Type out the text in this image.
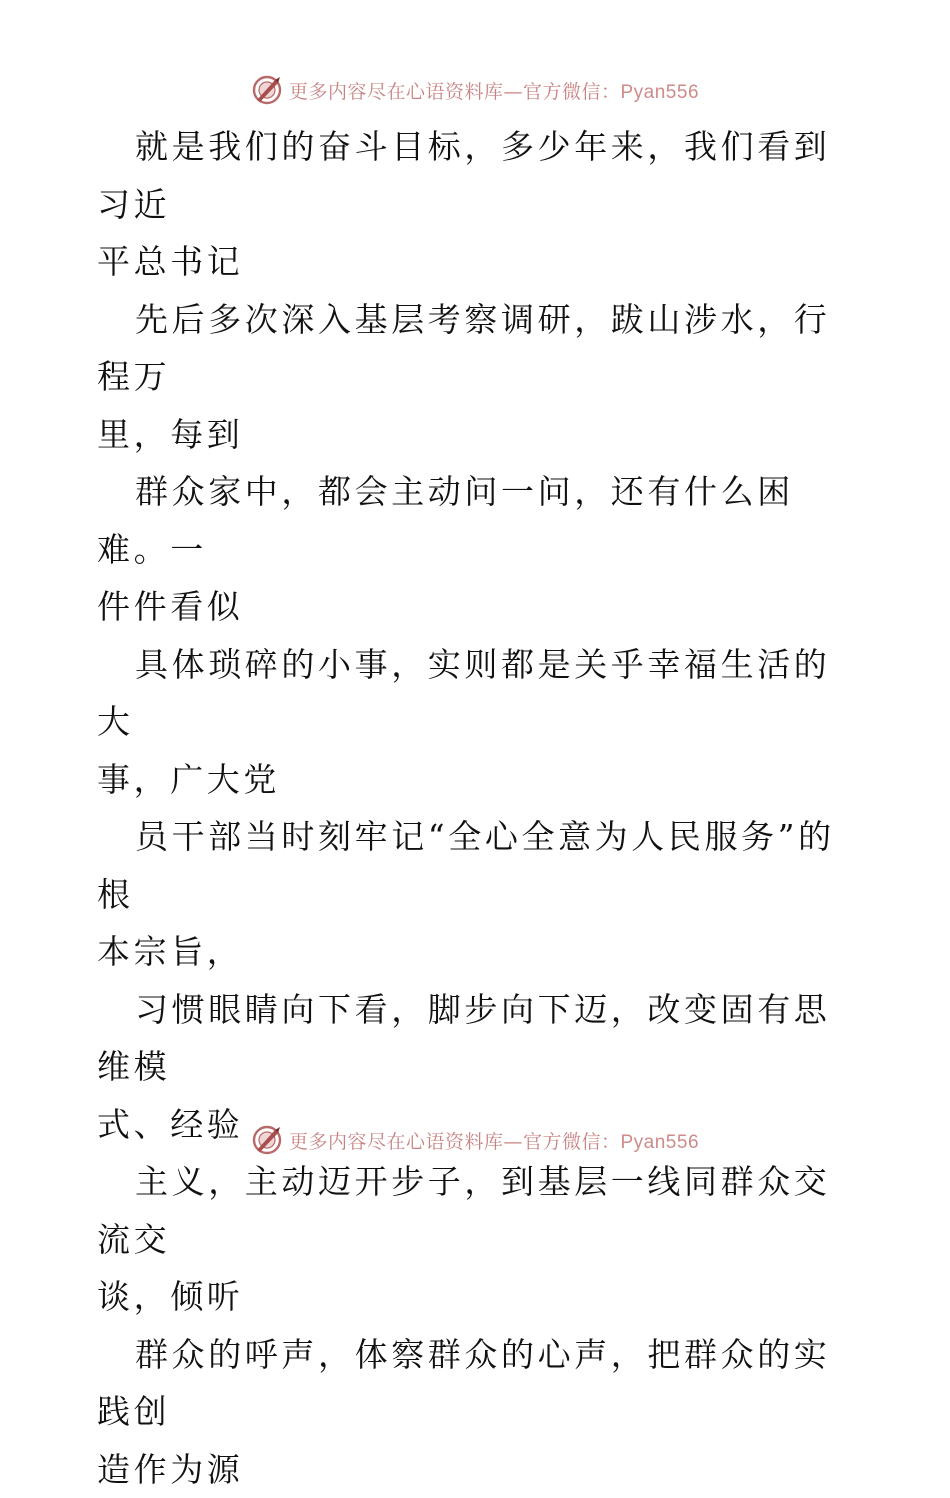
更多内容尽在心语资料库—官方微信：Pyan556

就是我们的奋斗目标，多少年来，我们看到习近
平总书记

先后多次深入基层考察调研，跋山涉水，行程万
里，每到

群众家中，都会主动问一问，还有什么困难。一
件件看似

具体琐碎的小事，实则都是关乎幸福生活的大
事，广大党

员干部当时刻牢记“全心全意为人民服务”的根
本宗旨，

习惯眼睛向下看，脚步向下迈，改变固有思维模
式、经验

主义，主动迈开步子，到基层一线同群众交流交
谈，倾听

群众的呼声，体察群众的心声，把群众的实践创
造作为源

更多内容尽在心语资料库—官方微信：Pyan556
